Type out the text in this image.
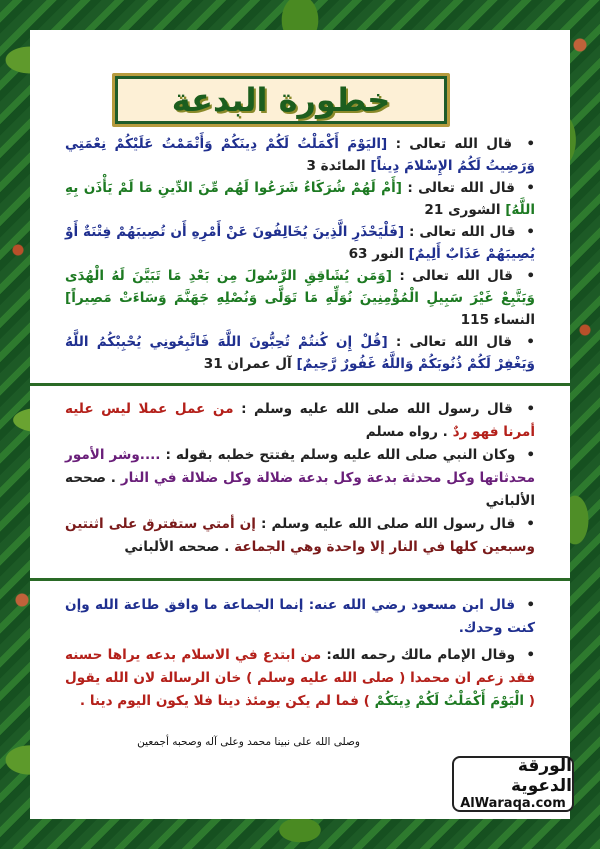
خطورة البدعة

• قال الله تعالى : [اليَوْمَ أَكْمَلْتُ لَكُمْ دِينَكُمْ وَأَتْمَمْتُ عَلَيْكُمْ نِعْمَتِي وَرَضِيتُ لَكُمُ الإِسْلامَ دِيناً] المائدة 3

• قال الله تعالى : [أَمْ لَهُمْ شُرَكَاءُ شَرَعُوا لَهُم مِّنَ الدِّينِ مَا لَمْ يَأْذَن بِهِ اللَّهُ] الشورى 21

• قال الله تعالى : [فَلْيَحْذَرِ الَّذِينَ يُخَالِفُونَ عَنْ أَمْرِهِ أَن تُصِيبَهُمْ فِتْنَةٌ أَوْ يُصِيبَهُمْ عَذَابٌ أَلِيمٌ] النور 63

• قال الله تعالى : [وَمَن يُشَاقِقِ الرَّسُولَ مِن بَعْدِ مَا تَبَيَّنَ لَهُ الْهُدَى وَيَتَّبِعْ غَيْرَ سَبِيلِ الْمُؤْمِنِينَ نُوَلِّهِ مَا تَوَلَّى وَنُصْلِهِ جَهَنَّمَ وَسَاءَتْ مَصِيراً] النساء 115

• قال الله تعالى : [قُلْ إِن كُنتُمْ تُحِبُّونَ اللَّهَ فَاتَّبِعُونِي يُحْبِبْكُمُ اللَّهُ وَيَغْفِرْ لَكُمْ ذُنُوبَكُمْ وَاللَّهُ غَفُورٌ رَّحِيمٌ] آل عمران 31

• قال رسول الله صلى الله عليه وسلم : من عمل عملا ليس عليه أمرنا فهو ردٌ . رواه مسلم

• وكان النبي صلى الله عليه وسلم يفتتح خطبه بقوله : ....وشر الأمور محدثاتها وكل محدثة بدعة وكل بدعة ضلالة وكل ضلالة في النار . صححه الألباني

• قال رسول الله صلى الله عليه وسلم : إن أمتي ستفترق على اثنتين وسبعين كلها في النار إلا واحدة وهي الجماعة . صححه الألباني

• قال ابن مسعود رضي الله عنه: إنما الجماعة ما وافق طاعة الله وإن كنت وحدك.

• وقال الإمام مالك رحمه الله: من ابتدع في الاسلام بدعه يراها حسنه فقد زعم ان محمدا ( صلى الله عليه وسلم ) خان الرسالة لان الله يقول ( الْيَوْمَ أَكْمَلْتُ لَكُمْ دِينَكُمْ ) فما لم يكن يومئذ دينا فلا يكون اليوم دينا .

وصلى الله على نبينا محمد وعلى آله وصحبه أجمعين
الورقة الدعوية
AlWaraqa.com
